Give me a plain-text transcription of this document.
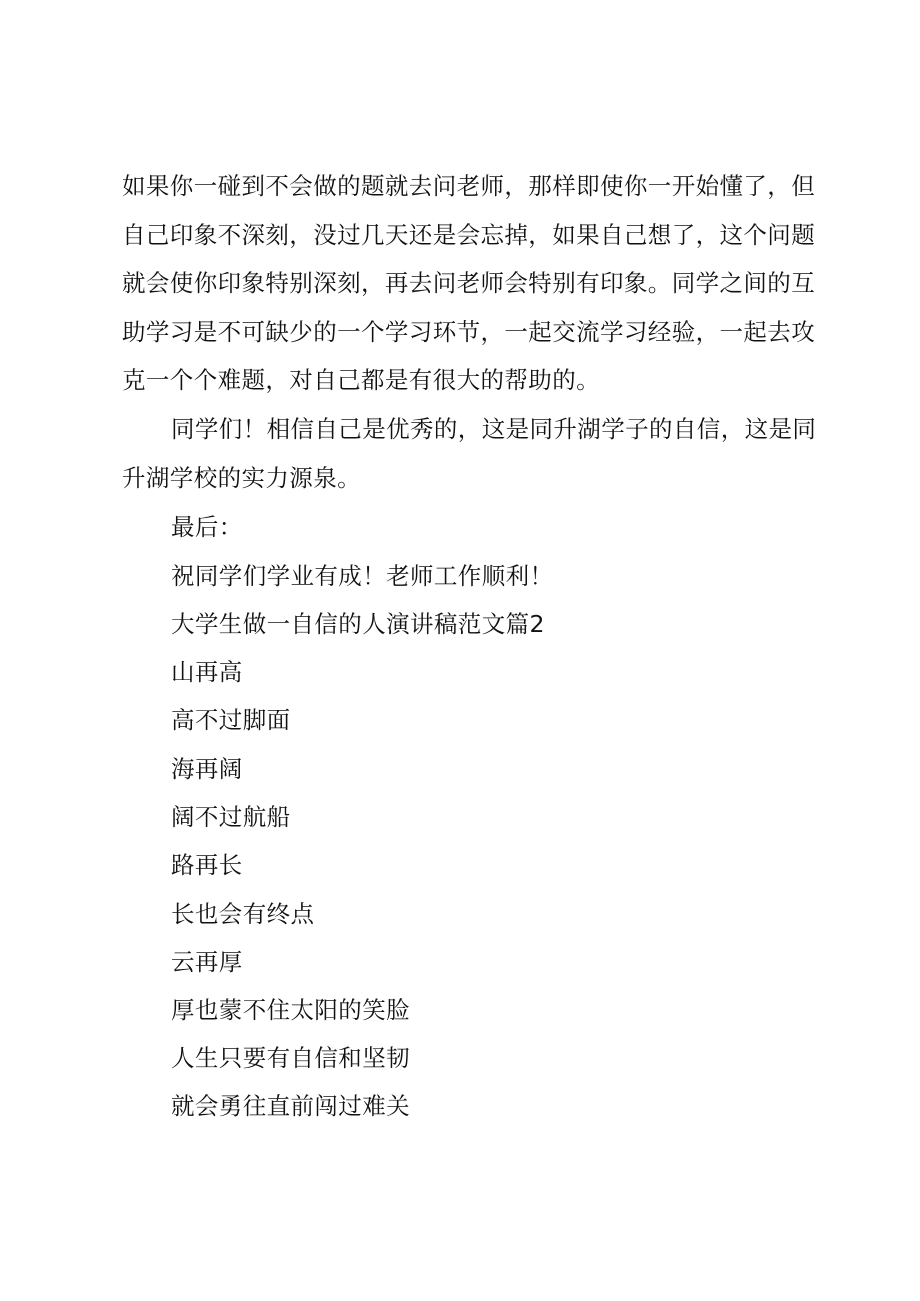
如果你一碰到不会做的题就去问老师，那样即使你一开始懂了，但自己印象不深刻，没过几天还是会忘掉，如果自己想了，这个问题就会使你印象特别深刻，再去问老师会特别有印象。同学之间的互助学习是不可缺少的一个学习环节，一起交流学习经验，一起去攻克一个个难题，对自己都是有很大的帮助的。

同学们！相信自己是优秀的，这是同升湖学子的自信，这是同升湖学校的实力源泉。

最后：

祝同学们学业有成！老师工作顺利！

大学生做一自信的人演讲稿范文篇2

山再高

高不过脚面

海再阔

阔不过航船

路再长

长也会有终点

云再厚

厚也蒙不住太阳的笑脸

人生只要有自信和坚韧

就会勇往直前闯过难关
